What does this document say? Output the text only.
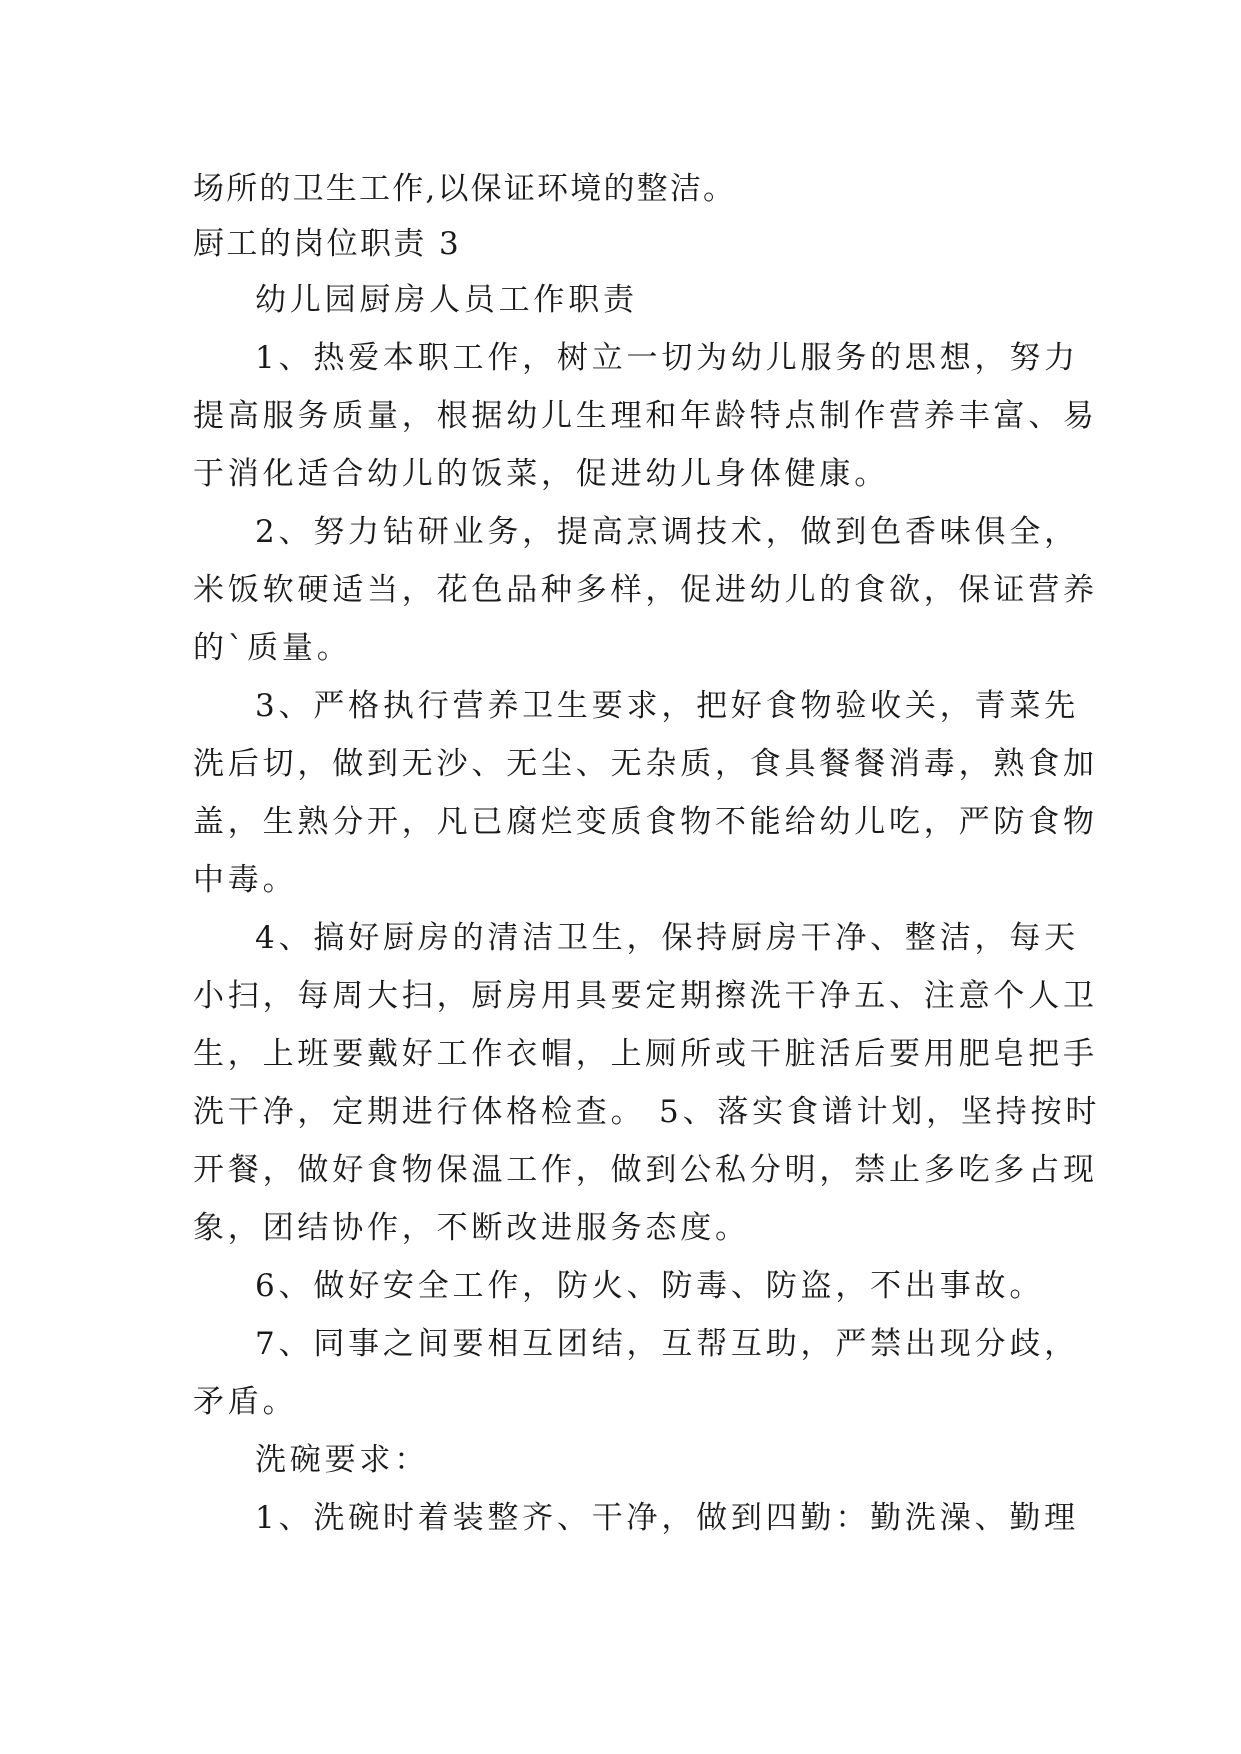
场所的卫生工作,以保证环境的整洁。
厨工的岗位职责 3
幼儿园厨房人员工作职责
1、热爱本职工作，树立一切为幼儿服务的思想，努力
提高服务质量，根据幼儿生理和年龄特点制作营养丰富、易
于消化适合幼儿的饭菜，促进幼儿身体健康。
2、努力钻研业务，提高烹调技术，做到色香味俱全，
米饭软硬适当，花色品种多样，促进幼儿的食欲，保证营养
的`质量。
3、严格执行营养卫生要求，把好食物验收关，青菜先
洗后切，做到无沙、无尘、无杂质，食具餐餐消毒，熟食加
盖，生熟分开，凡已腐烂变质食物不能给幼儿吃，严防食物
中毒。
4、搞好厨房的清洁卫生，保持厨房干净、整洁，每天
小扫，每周大扫，厨房用具要定期擦洗干净五、注意个人卫
生，上班要戴好工作衣帽，上厕所或干脏活后要用肥皂把手
洗干净，定期进行体格检查。 5、落实食谱计划，坚持按时
开餐，做好食物保温工作，做到公私分明，禁止多吃多占现
象，团结协作，不断改进服务态度。
6、做好安全工作，防火、防毒、防盗，不出事故。
7、同事之间要相互团结，互帮互助，严禁出现分歧，
矛盾。
洗碗要求：
1、洗碗时着装整齐、干净，做到四勤：勤洗澡、勤理
